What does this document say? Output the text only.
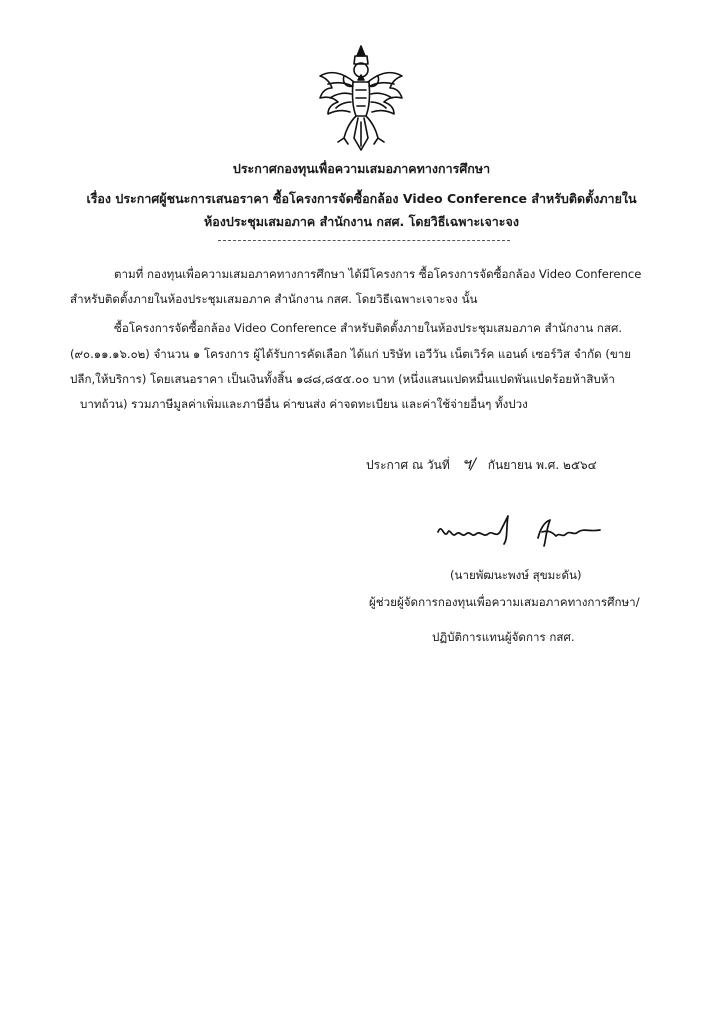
ประกาศกองทุนเพื่อความเสมอภาคทางการศึกษา
เรื่อง ประกาศผู้ชนะการเสนอราคา ซื้อโครงการจัดซื้อกล้อง Video Conference สำหรับติดตั้งภายใน
ห้องประชุมเสมอภาค สำนักงาน กสศ. โดยวิธีเฉพาะเจาะจง
ตามที่ กองทุนเพื่อความเสมอภาคทางการศึกษา ได้มีโครงการ ซื้อโครงการจัดซื้อกล้อง Video Conference
สำหรับติดตั้งภายในห้องประชุมเสมอภาค สำนักงาน กสศ. โดยวิธีเฉพาะเจาะจง นั้น
ซื้อโครงการจัดซื้อกล้อง Video Conference สำหรับติดตั้งภายในห้องประชุมเสมอภาค สำนักงาน กสศ.
(๙๐.๑๑.๑๖.๐๒) จำนวน ๑ โครงการ ผู้ได้รับการคัดเลือก ได้แก่ บริษัท เอวีวัน เน็ตเวิร์ค แอนด์ เซอร์วิส จำกัด (ขาย
ปลีก,ให้บริการ) โดยเสนอราคา เป็นเงินทั้งสิ้น ๑๘๘,๘๕๕.๐๐ บาท (หนึ่งแสนแปดหมื่นแปดพันแปดร้อยห้าสิบห้า
บาทถ้วน) รวมภาษีมูลค่าเพิ่มและภาษีอื่น ค่าขนส่ง ค่าจดทะเบียน และค่าใช้จ่ายอื่นๆ ทั้งปวง
ประกาศ ณ วันที่ ฯ/ กันยายน พ.ศ. ๒๕๖๔
(นายพัฒนะพงษ์ สุขมะดัน)
ผู้ช่วยผู้จัดการกองทุนเพื่อความเสมอภาคทางการศึกษา/
ปฏิบัติการแทนผู้จัดการ กสศ.
